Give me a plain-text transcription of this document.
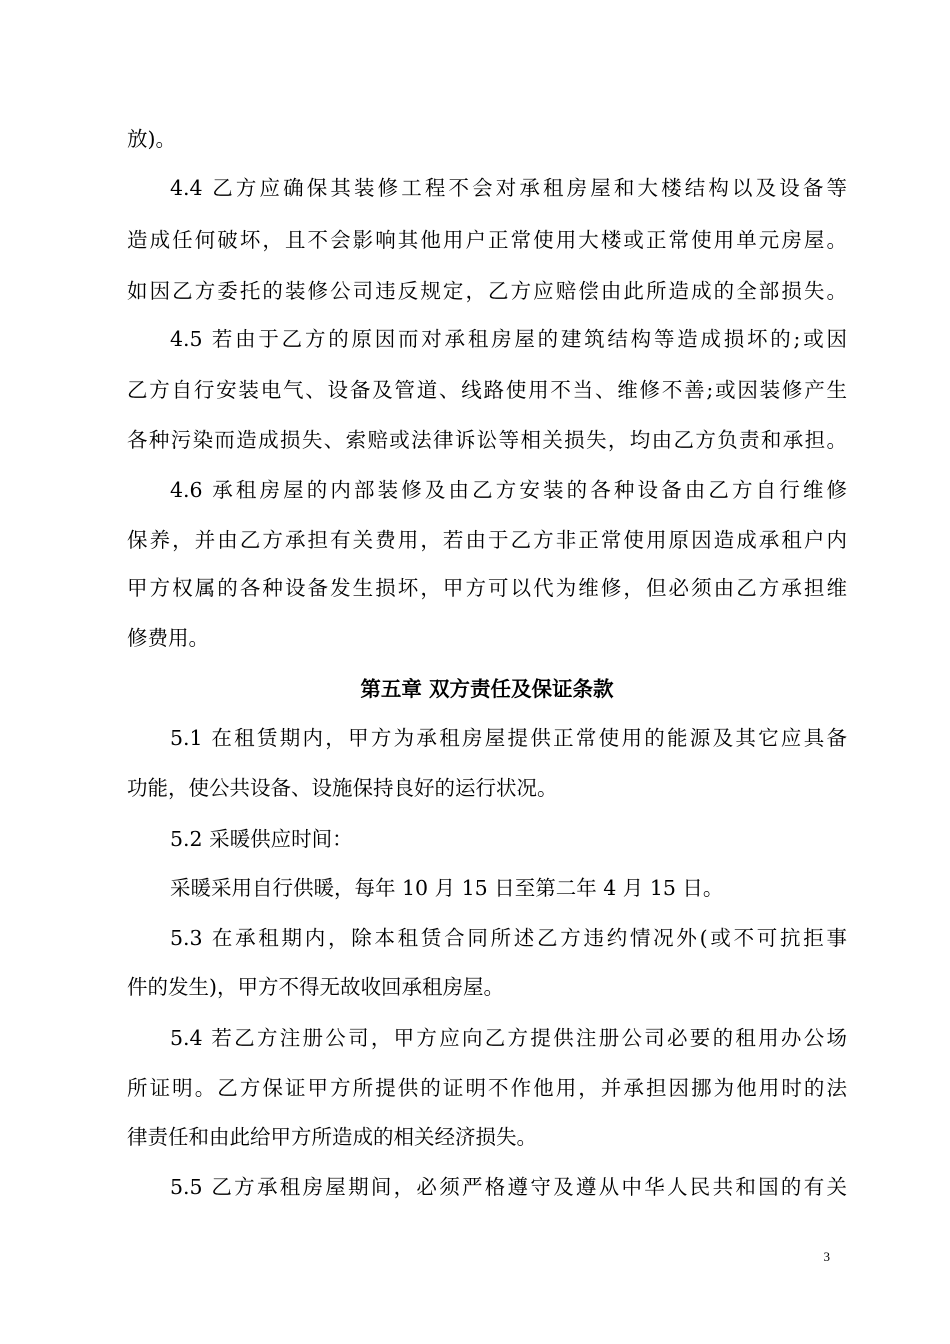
放)。
4.4 乙方应确保其装修工程不会对承租房屋和大楼结构以及设备等
造成任何破坏，且不会影响其他用户正常使用大楼或正常使用单元房屋。
如因乙方委托的装修公司违反规定，乙方应赔偿由此所造成的全部损失。
4.5 若由于乙方的原因而对承租房屋的建筑结构等造成损坏的;或因
乙方自行安装电气、设备及管道、线路使用不当、维修不善;或因装修产生
各种污染而造成损失、索赔或法律诉讼等相关损失，均由乙方负责和承担。
4.6 承租房屋的内部装修及由乙方安装的各种设备由乙方自行维修
保养，并由乙方承担有关费用，若由于乙方非正常使用原因造成承租户内
甲方权属的各种设备发生损坏，甲方可以代为维修，但必须由乙方承担维
修费用。
第五章 双方责任及保证条款
5.1 在租赁期内，甲方为承租房屋提供正常使用的能源及其它应具备
功能，使公共设备、设施保持良好的运行状况。
5.2 采暖供应时间：
采暖采用自行供暖，每年 10 月 15 日至第二年 4 月 15 日。
5.3 在承租期内，除本租赁合同所述乙方违约情况外(或不可抗拒事
件的发生)，甲方不得无故收回承租房屋。
5.4 若乙方注册公司，甲方应向乙方提供注册公司必要的租用办公场
所证明。乙方保证甲方所提供的证明不作他用，并承担因挪为他用时的法
律责任和由此给甲方所造成的相关经济损失。
5.5 乙方承租房屋期间，必须严格遵守及遵从中华人民共和国的有关
3
